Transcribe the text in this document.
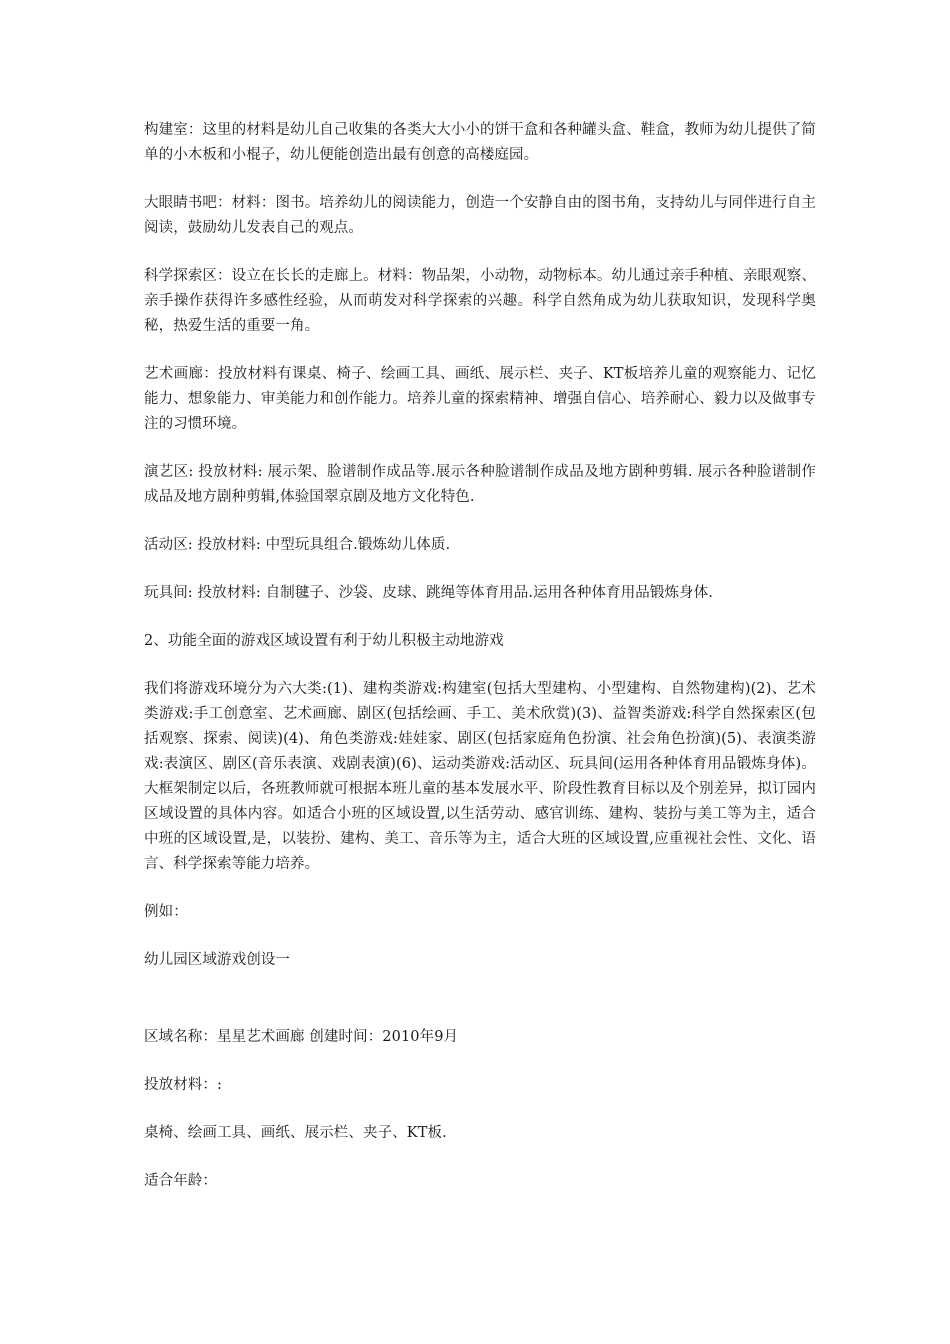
构建室：这里的材料是幼儿自己收集的各类大大小小的饼干盒和各种罐头盒、鞋盒，教师为幼儿提供了简单的小木板和小棍子，幼儿便能创造出最有创意的高楼庭园。

大眼睛书吧：材料：图书。培养幼儿的阅读能力，创造一个安静自由的图书角，支持幼儿与同伴进行自主阅读，鼓励幼儿发表自己的观点。

科学探索区：设立在长长的走廊上。材料：物品架，小动物，动物标本。幼儿通过亲手种植、亲眼观察、亲手操作获得许多感性经验，从而萌发对科学探索的兴趣。科学自然角成为幼儿获取知识，发现科学奥秘，热爱生活的重要一角。

艺术画廊：投放材料有课桌、椅子、绘画工具、画纸、展示栏、夹子、KT板培养儿童的观察能力、记忆能力、想象能力、审美能力和创作能力。培养儿童的探索精神、增强自信心、培养耐心、毅力以及做事专注的习惯环境。

演艺区: 投放材料: 展示架、脸谱制作成品等.展示各种脸谱制作成品及地方剧种剪辑. 展示各种脸谱制作成品及地方剧种剪辑,体验国翠京剧及地方文化特色.

活动区: 投放材料: 中型玩具组合.锻炼幼儿体质.

玩具间: 投放材料: 自制毽子、沙袋、皮球、跳绳等体育用品.运用各种体育用品锻炼身体.

2、功能全面的游戏区域设置有利于幼儿积极主动地游戏

我们将游戏环境分为六大类:(1)、建构类游戏:构建室(包括大型建构、小型建构、自然物建构)(2)、艺术类游戏:手工创意室、艺术画廊、剧区(包括绘画、手工、美术欣赏)(3)、益智类游戏:科学自然探索区(包括观察、探索、阅读)(4)、角色类游戏:娃娃家、剧区(包括家庭角色扮演、社会角色扮演)(5)、表演类游戏:表演区、剧区(音乐表演、戏剧表演)(6)、运动类游戏:活动区、玩具间(运用各种体育用品锻炼身体)。大框架制定以后，各班教师就可根据本班儿童的基本发展水平、阶段性教育目标以及个别差异，拟订园内区域设置的具体内容。如适合小班的区域设置,以生活劳动、感官训练、建构、装扮与美工等为主，适合中班的区域设置,是，以装扮、建构、美工、音乐等为主，适合大班的区域设置,应重视社会性、文化、语言、科学探索等能力培养。

例如：

幼儿园区域游戏创设一

区域名称：星星艺术画廊 创建时间：2010年9月

投放材料：:

桌椅、绘画工具、画纸、展示栏、夹子、KT板.

适合年龄：
